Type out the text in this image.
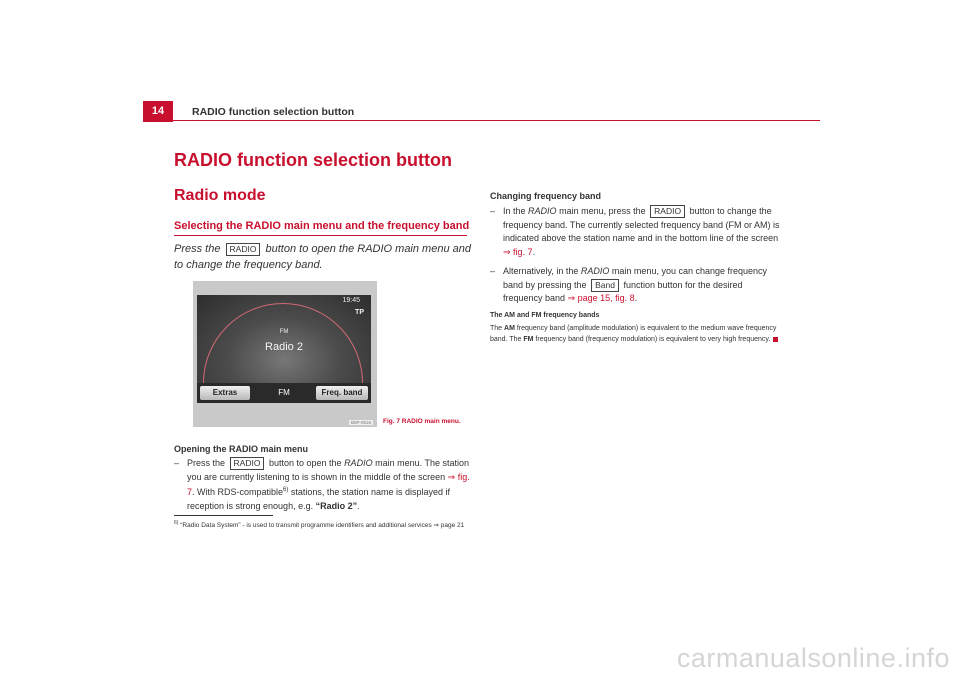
14	RADIO function selection button
RADIO function selection button
Radio mode
Selecting the RADIO main menu and the frequency band
Press the RADIO button to open the RADIO main menu and to change the frequency band.
19:45
TP
FM
Radio 2
Extras	FM	Freq. band
B5P-0516	Fig. 7 RADIO main menu.
Opening the RADIO main menu
– Press the RADIO button to open the RADIO main menu. The station you are currently listening to is shown in the middle of the screen ⇒ fig. 7. With RDS-compatible$^{6)}$ stations, the station name is displayed if reception is strong enough, e.g. “Radio 2”.
$^{6)}$ “Radio Data System” - is used to transmit programme identifiers and additional services ⇒ page 21
Changing frequency band
– In the RADIO main menu, press the RADIO button to change the frequency band. The currently selected frequency band (FM or AM) is indicated above the station name and in the bottom line of the screen ⇒ fig. 7.
– Alternatively, in the RADIO main menu, you can change frequency band by pressing the Band function button for the desired frequency band ⇒ page 15, fig. 8.
The AM and FM frequency bands
The AM frequency band (amplitude modulation) is equivalent to the medium wave frequency band. The FM frequency band (frequency modulation) is equivalent to very high frequency.
carmanualsonline.info
